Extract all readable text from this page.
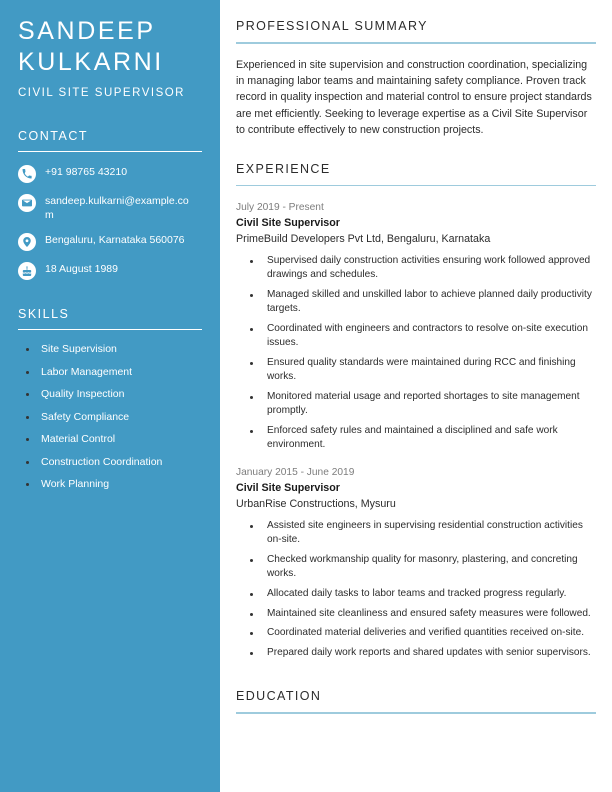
SANDEEP
KULKARNI
CIVIL SITE SUPERVISOR
CONTACT
+91 98765 43210
sandeep.kulkarni@example.com
Bengaluru, Karnataka 560076
18 August 1989
SKILLS
Site Supervision
Labor Management
Quality Inspection
Safety Compliance
Material Control
Construction Coordination
Work Planning
PROFESSIONAL SUMMARY

Experienced in site supervision and construction coordination, specializing in managing labor teams and maintaining safety compliance. Proven track record in quality inspection and material control to ensure project standards are met efficiently. Seeking to leverage expertise as a Civil Site Supervisor to contribute effectively to new construction projects.

EXPERIENCE
July 2019 - Present
Civil Site Supervisor
PrimeBuild Developers Pvt Ltd, Bengaluru, Karnataka
Supervised daily construction activities ensuring work followed approved drawings and schedules.
Managed skilled and unskilled labor to achieve planned daily productivity targets.
Coordinated with engineers and contractors to resolve on-site execution issues.
Ensured quality standards were maintained during RCC and finishing works.
Monitored material usage and reported shortages to site management promptly.
Enforced safety rules and maintained a disciplined and safe work environment.
January 2015 - June 2019
Civil Site Supervisor
UrbanRise Constructions, Mysuru
Assisted site engineers in supervising residential construction activities on-site.
Checked workmanship quality for masonry, plastering, and concreting works.
Allocated daily tasks to labor teams and tracked progress regularly.
Maintained site cleanliness and ensured safety measures were followed.
Coordinated material deliveries and verified quantities received on-site.
Prepared daily work reports and shared updates with senior supervisors.
EDUCATION
